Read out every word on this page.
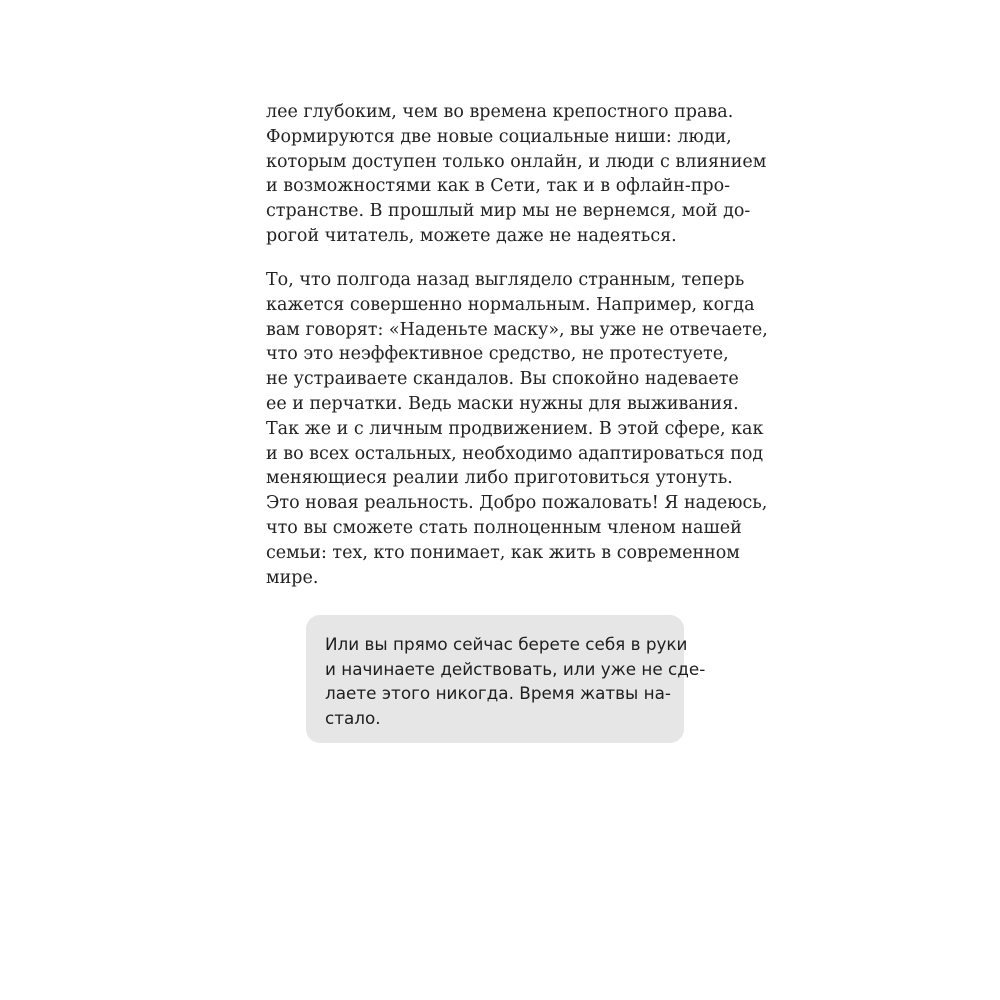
лее глубоким, чем во времена крепостного права.
Формируются две новые социальные ниши: люди,
которым доступен только онлайн, и люди с влиянием
и возможностями как в Сети, так и в офлайн-про-
странстве. В прошлый мир мы не вернемся, мой до-
рогой читатель, можете даже не надеяться.
То, что полгода назад выглядело странным, теперь
кажется совершенно нормальным. Например, когда
вам говорят: «Наденьте маску», вы уже не отвечаете,
что это неэффективное средство, не протестуете,
не устраиваете скандалов. Вы спокойно надеваете
ее и перчатки. Ведь маски нужны для выживания.
Так же и с личным продвижением. В этой сфере, как
и во всех остальных, необходимо адаптироваться под
меняющиеся реалии либо приготовиться утонуть.
Это новая реальность. Добро пожаловать! Я надеюсь,
что вы сможете стать полноценным членом нашей
семьи: тех, кто понимает, как жить в современном
мире.
Или вы прямо сейчас берете себя в руки
и начинаете действовать, или уже не сде-
лаете этого никогда. Время жатвы на-
стало.
